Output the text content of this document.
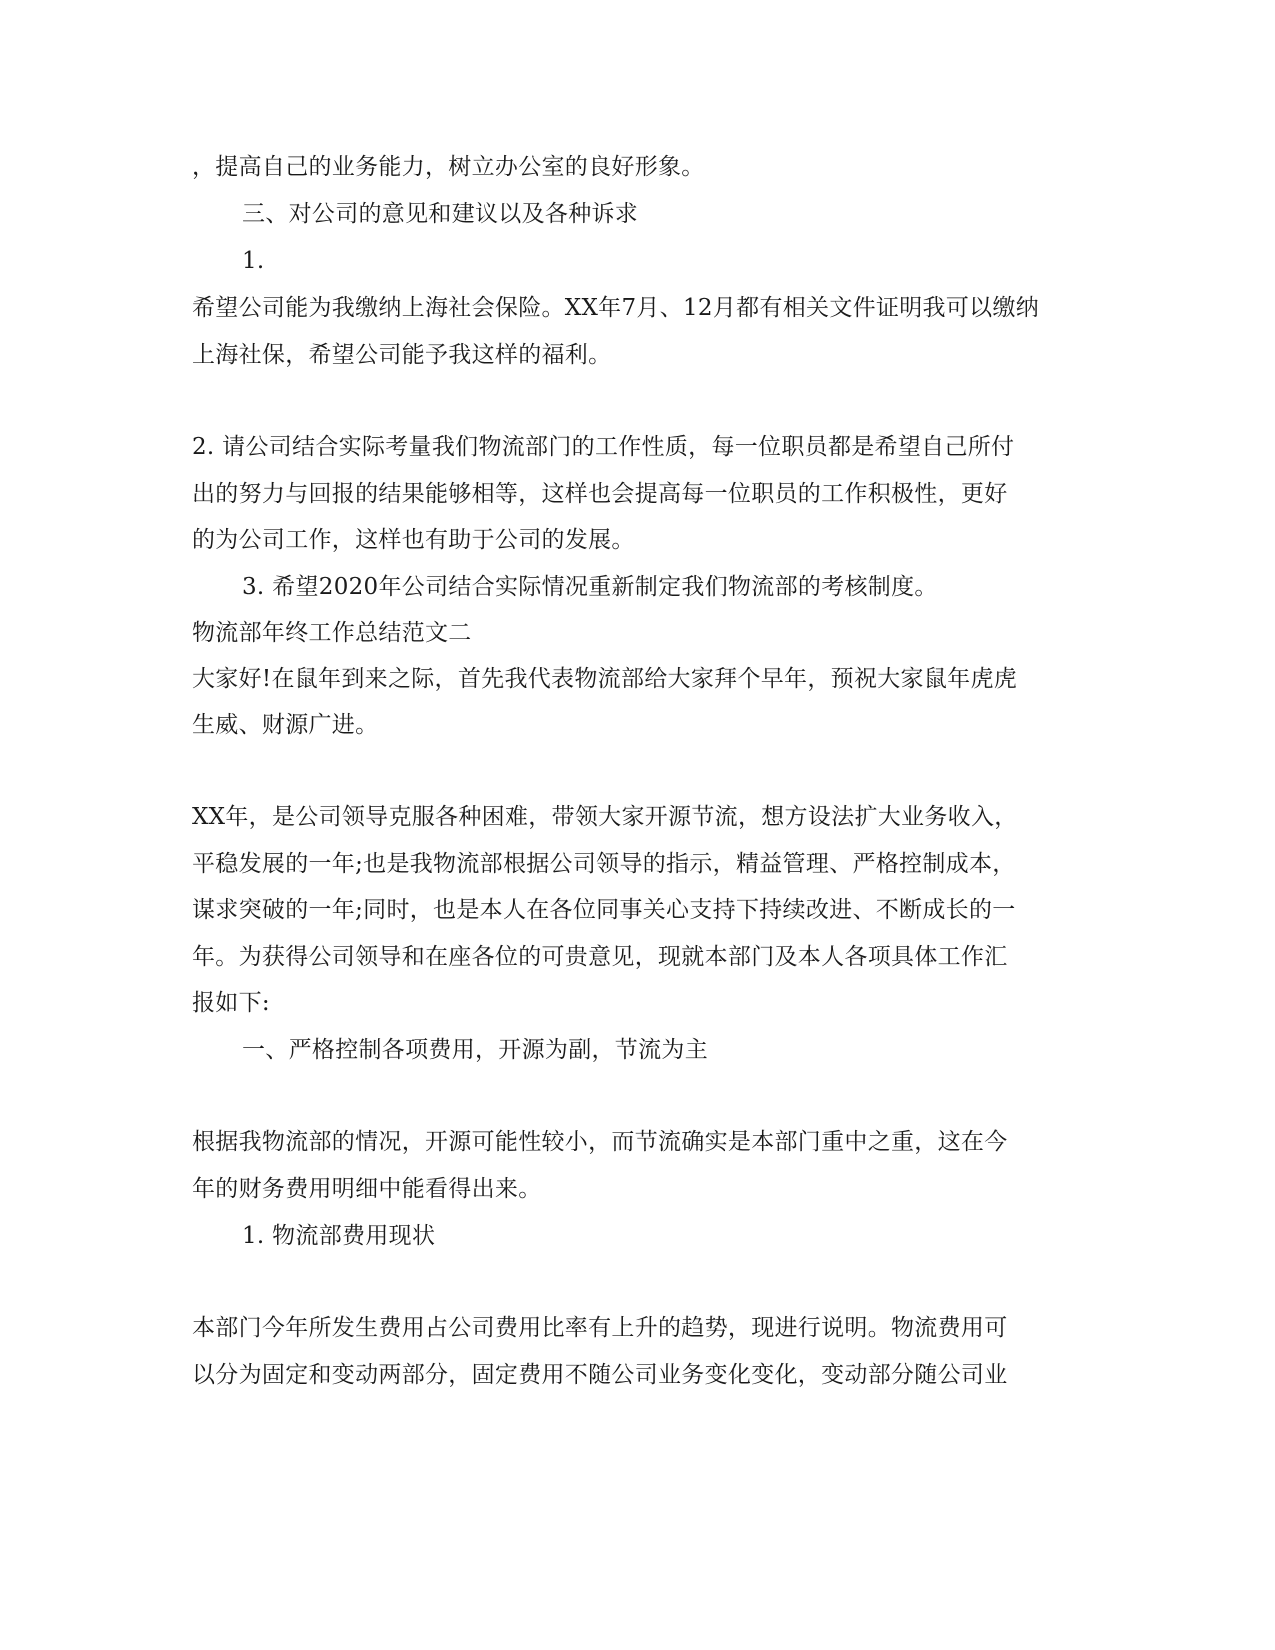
，提高自己的业务能力，树立办公室的良好形象。
三、对公司的意见和建议以及各种诉求
1.
希望公司能为我缴纳上海社会保险。XX年7月、12月都有相关文件证明我可以缴纳
上海社保，希望公司能予我这样的福利。
2. 请公司结合实际考量我们物流部门的工作性质，每一位职员都是希望自己所付
出的努力与回报的结果能够相等，这样也会提高每一位职员的工作积极性，更好
的为公司工作，这样也有助于公司的发展。
3. 希望2020年公司结合实际情况重新制定我们物流部的考核制度。
物流部年终工作总结范文二
大家好!在鼠年到来之际，首先我代表物流部给大家拜个早年，预祝大家鼠年虎虎
生威、财源广进。
XX年，是公司领导克服各种困难，带领大家开源节流，想方设法扩大业务收入，
平稳发展的一年;也是我物流部根据公司领导的指示，精益管理、严格控制成本，
谋求突破的一年;同时，也是本人在各位同事关心支持下持续改进、不断成长的一
年。为获得公司领导和在座各位的可贵意见，现就本部门及本人各项具体工作汇
报如下:
一、严格控制各项费用，开源为副，节流为主
根据我物流部的情况，开源可能性较小，而节流确实是本部门重中之重，这在今
年的财务费用明细中能看得出来。
1. 物流部费用现状
本部门今年所发生费用占公司费用比率有上升的趋势，现进行说明。物流费用可
以分为固定和变动两部分，固定费用不随公司业务变化变化，变动部分随公司业
